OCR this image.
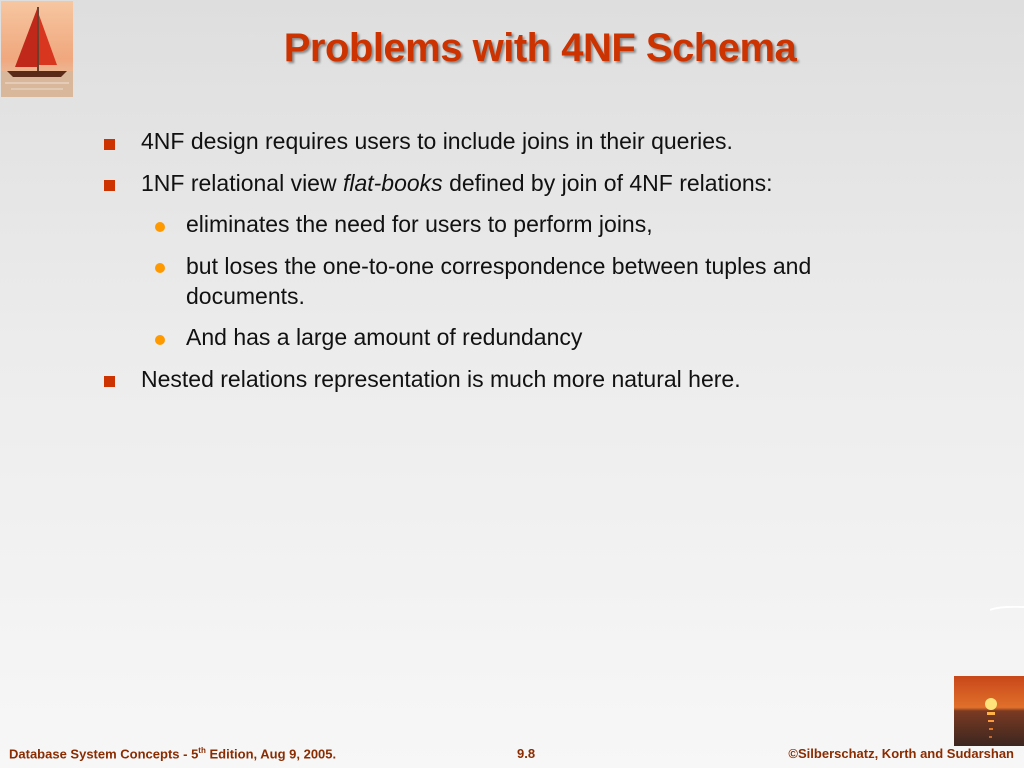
Problems with 4NF Schema
4NF design requires users to include joins in their queries.
1NF relational view flat-books defined by join of 4NF relations:
eliminates the need for users to perform joins,
but loses the one-to-one correspondence between tuples and documents.
And has a large amount of redundancy
Nested relations representation is much more natural here.
Database System Concepts - 5th Edition, Aug 9, 2005.	9.8	©Silberschatz, Korth and Sudarshan
